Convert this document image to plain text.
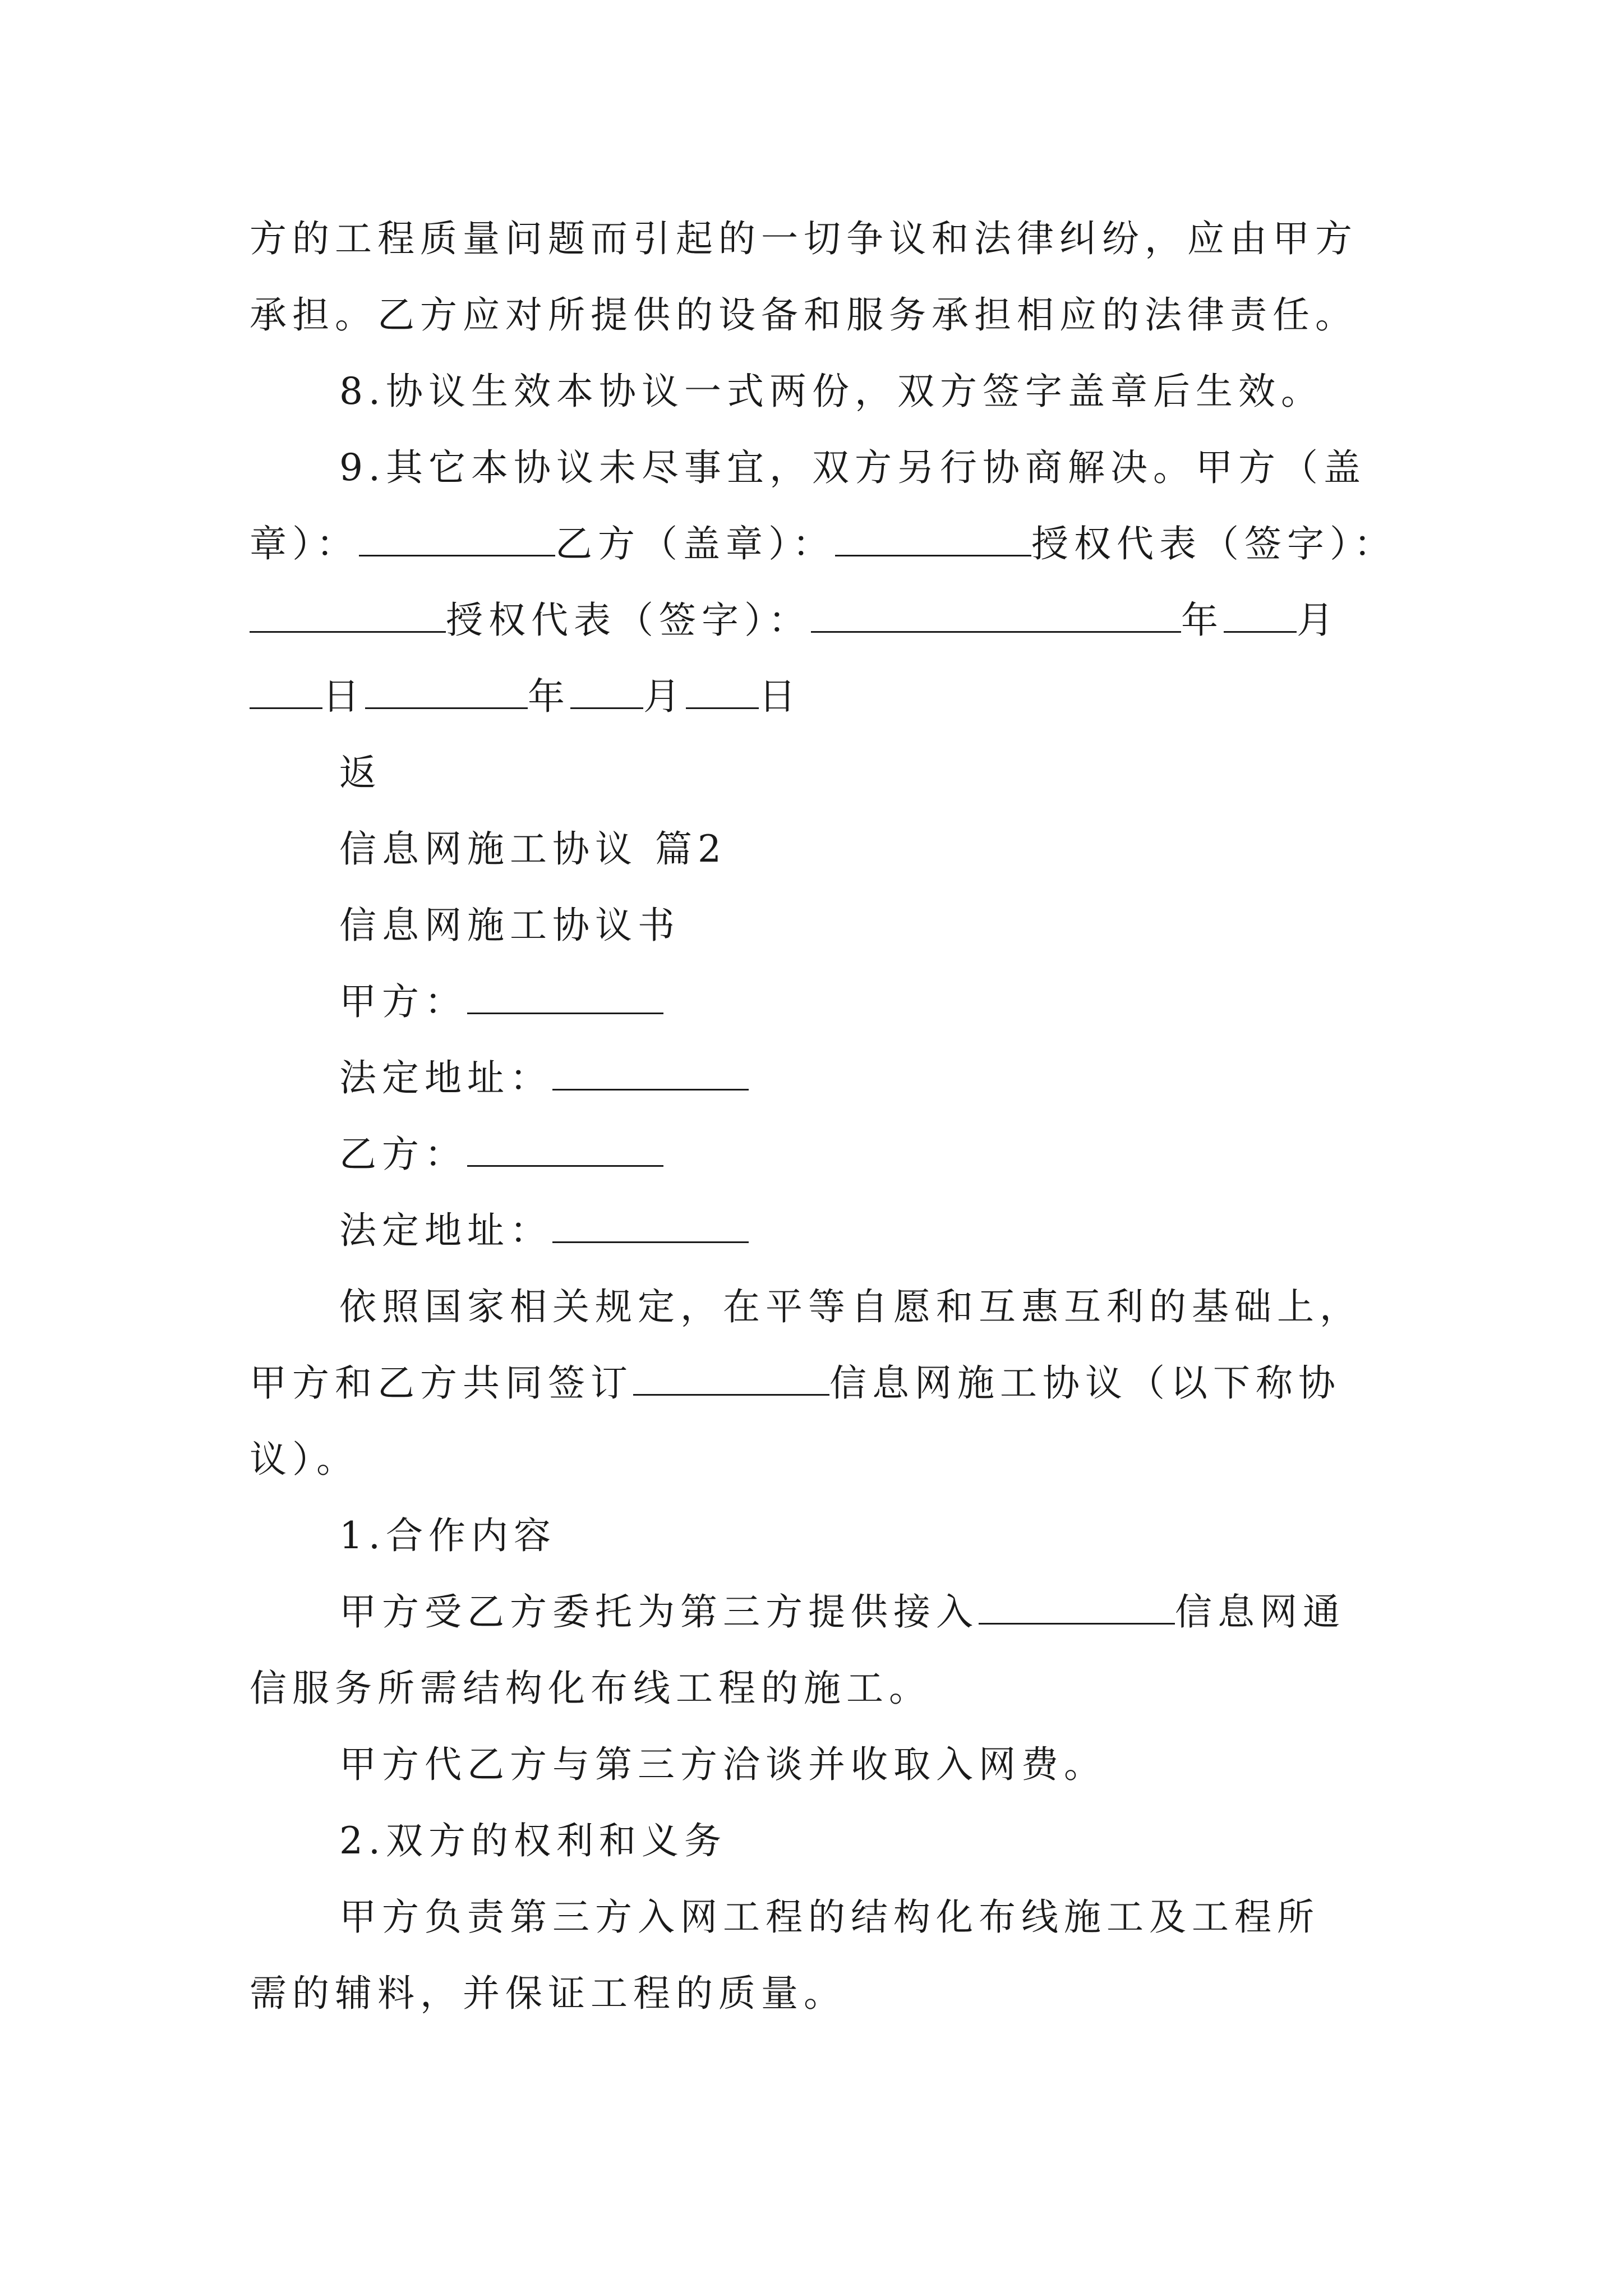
方的工程质量问题而引起的一切争议和法律纠纷，应由甲方
承担。乙方应对所提供的设备和服务承担相应的法律责任。
8.协议生效本协议一式两份，双方签字盖章后生效。
9.其它本协议未尽事宜，双方另行协商解决。甲方（盖
章）：	乙方（盖章）：	授权代表（签字）：
授权代表（签字）：	年 月
日	年 月 日
返
信息网施工协议 篇2
信息网施工协议书
甲方：
法定地址：
乙方：
法定地址：
依照国家相关规定，在平等自愿和互惠互利的基础上，
甲方和乙方共同签订	信息网施工协议（以下称协
议）。
1.合作内容
甲方受乙方委托为第三方提供接入	信息网通
信服务所需结构化布线工程的施工。
甲方代乙方与第三方洽谈并收取入网费。
2.双方的权利和义务
甲方负责第三方入网工程的结构化布线施工及工程所
需的辅料，并保证工程的质量。
